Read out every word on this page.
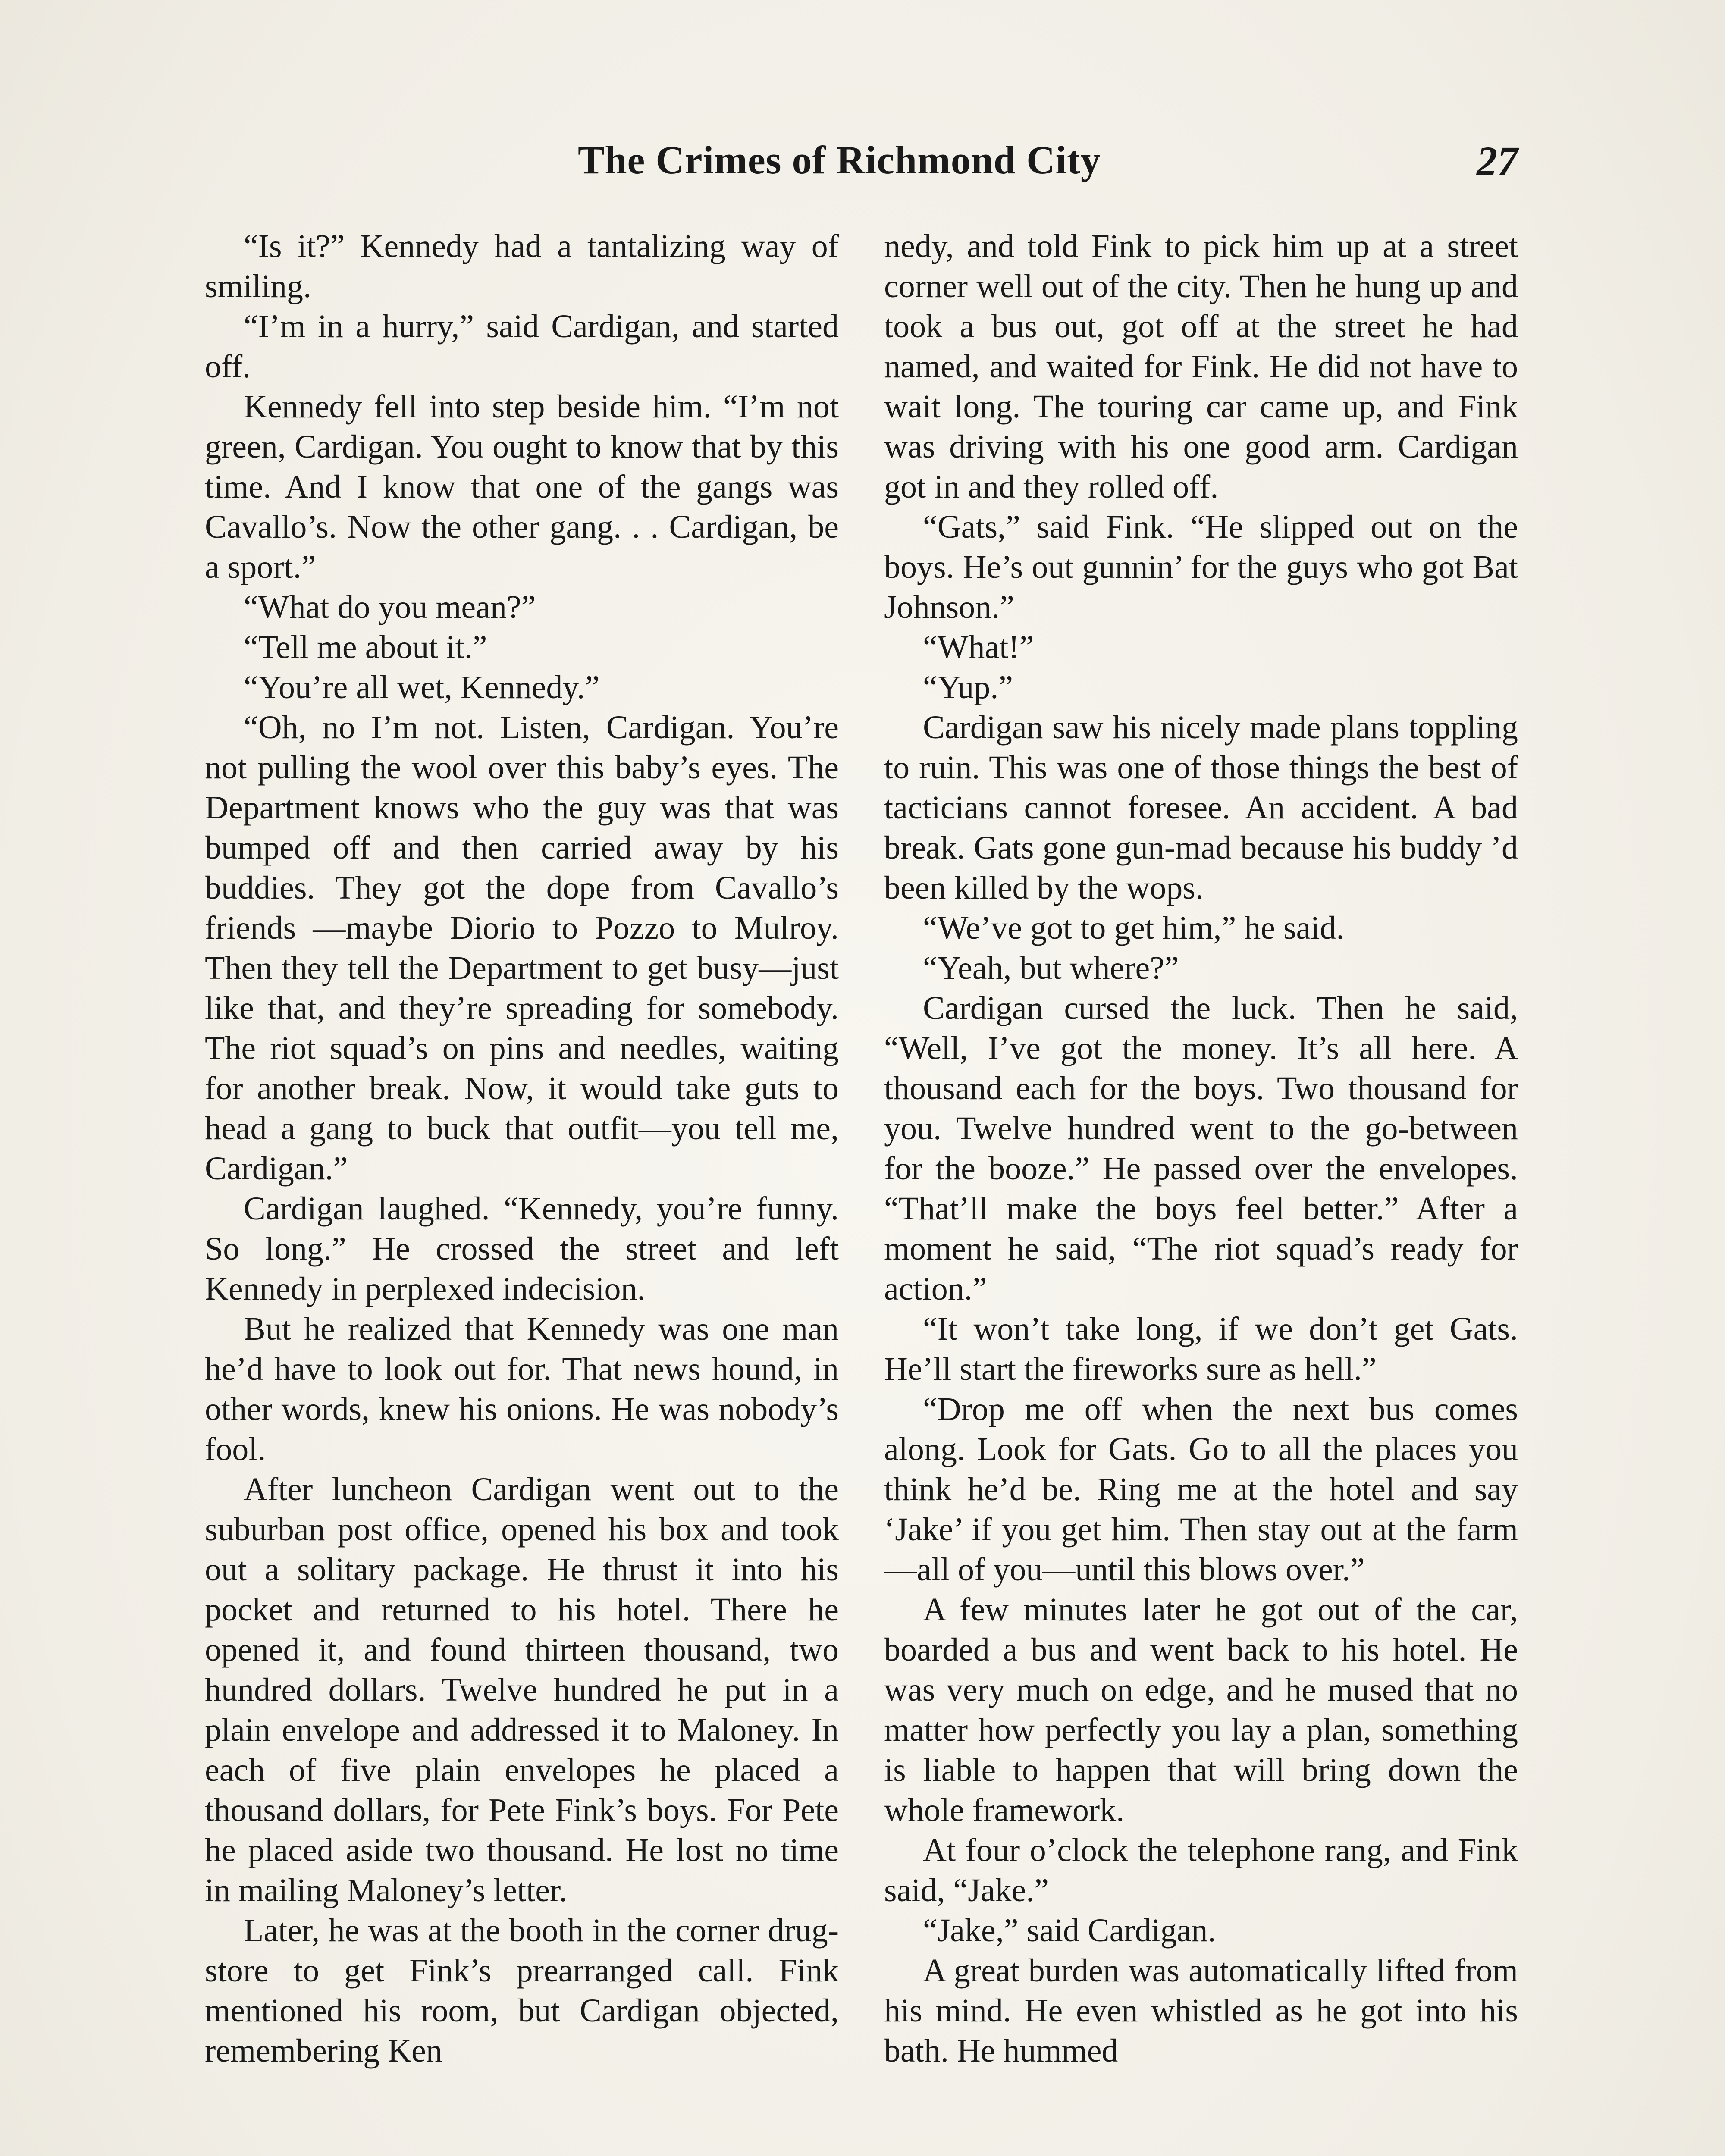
The Crimes of Richmond City	27

“Is it?” Kennedy had a tantalizing way of smiling.

“I’m in a hurry,” said Cardigan, and started off.

Kennedy fell into step beside him. “I’m not green, Cardigan. You ought to know that by this time. And I know that one of the gangs was Cavallo’s. Now the other gang. . . Cardigan, be a sport.”

“What do you mean?”

“Tell me about it.”

“You’re all wet, Kennedy.”

“Oh, no I’m not. Listen, Cardigan. You’re not pulling the wool over this baby’s eyes. The Department knows who the guy was that was bumped off and then carried away by his buddies. They got the dope from Cavallo’s friends —maybe Diorio to Pozzo to Mulroy. Then they tell the Department to get busy—just like that, and they’re spreading for somebody. The riot squad’s on pins and needles, waiting for another break. Now, it would take guts to head a gang to buck that outfit—you tell me, Cardigan.”

Cardigan laughed. “Kennedy, you’re funny. So long.” He crossed the street and left Kennedy in perplexed indecision.

But he realized that Kennedy was one man he’d have to look out for. That news hound, in other words, knew his onions. He was nobody’s fool.

After luncheon Cardigan went out to the suburban post office, opened his box and took out a solitary package. He thrust it into his pocket and returned to his hotel. There he opened it, and found thirteen thousand, two hundred dollars. Twelve hundred he put in a plain envelope and addressed it to Maloney. In each of five plain envelopes he placed a thousand dollars, for Pete Fink’s boys. For Pete he placed aside two thousand. He lost no time in mailing Maloney’s letter.

Later, he was at the booth in the corner drug-store to get Fink’s prearranged call. Fink mentioned his room, but Cardigan objected, remembering Ken

nedy, and told Fink to pick him up at a street corner well out of the city. Then he hung up and took a bus out, got off at the street he had named, and waited for Fink. He did not have to wait long. The touring car came up, and Fink was driving with his one good arm. Cardigan got in and they rolled off.

“Gats,” said Fink. “He slipped out on the boys. He’s out gunnin’ for the guys who got Bat Johnson.”

“What!”

“Yup.”

Cardigan saw his nicely made plans toppling to ruin. This was one of those things the best of tacticians cannot foresee. An accident. A bad break. Gats gone gun-mad because his buddy ’d been killed by the wops.

“We’ve got to get him,” he said.

“Yeah, but where?”

Cardigan cursed the luck. Then he said, “Well, I’ve got the money. It’s all here. A thousand each for the boys. Two thousand for you. Twelve hundred went to the go-between for the booze.” He passed over the envelopes. “That’ll make the boys feel better.” After a moment he said, “The riot squad’s ready for action.”

“It won’t take long, if we don’t get Gats. He’ll start the fireworks sure as hell.”

“Drop me off when the next bus comes along. Look for Gats. Go to all the places you think he’d be. Ring me at the hotel and say ‘Jake’ if you get him. Then stay out at the farm—all of you—until this blows over.”

A few minutes later he got out of the car, boarded a bus and went back to his hotel. He was very much on edge, and he mused that no matter how perfectly you lay a plan, something is liable to happen that will bring down the whole framework.

At four o’clock the telephone rang, and Fink said, “Jake.”

“Jake,” said Cardigan.

A great burden was automatically lifted from his mind. He even whistled as he got into his bath. He hummed
